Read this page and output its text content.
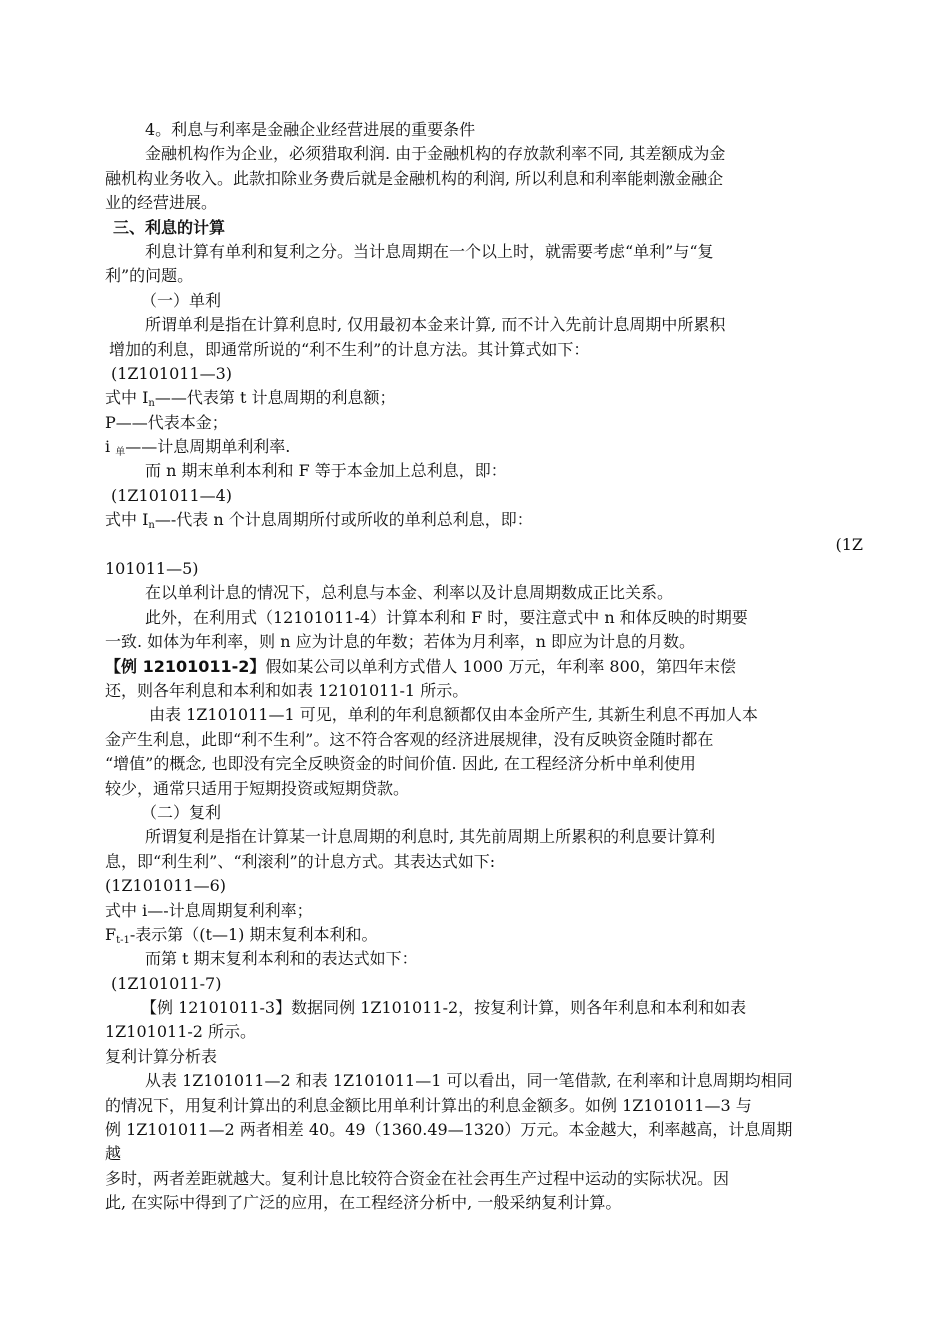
4。利息与利率是金融企业经营进展的重要条件
金融机构作为企业，必须猎取利润. 由于金融机构的存放款利率不同, 其差额成为金
融机构业务收入。此款扣除业务费后就是金融机构的利润, 所以利息和利率能刺激金融企
业的经营进展。
三、利息的计算
利息计算有单利和复利之分。当计息周期在一个以上时，就需要考虑“单利”与“复
利”的问题。
（一）单利
所谓单利是指在计算利息时, 仅用最初本金来计算, 而不计入先前计息周期中所累积
增加的利息，即通常所说的“利不生利”的计息方法。其计算式如下：
(1Z101011—3)
式中 $I_n——$代表第 t 计息周期的利息额；
P——代表本金；
i $_单$——计息周期单利利率.
而 n 期末单利本利和 F 等于本金加上总利息，即：
(1Z101011—4)
式中 $I_n—-$代表 n 个计息周期所付或所收的单利总利息，即：
(1Z
101011—5)
在以单利计息的情况下，总利息与本金、利率以及计息周期数成正比关系。
此外，在利用式（12101011-4）计算本利和 F 时，要注意式中 n 和体反映的时期要
一致. 如体为年利率，则 n 应为计息的年数；若体为月利率，n 即应为计息的月数。
【例 12101011-2】假如某公司以单利方式借人 1000 万元，年利率 800，第四年末偿
还，则各年利息和本利和如表 12101011-1 所示。
由表 1Z101011—1 可见，单利的年利息额都仅由本金所产生, 其新生利息不再加人本
金产生利息，此即“利不生利”。这不符合客观的经济进展规律，没有反映资金随时都在
“增值”的概念, 也即没有完全反映资金的时间价值. 因此, 在工程经济分析中单利使用
较少，通常只适用于短期投资或短期贷款。
（二）复利
所谓复利是指在计算某一计息周期的利息时, 其先前周期上所累积的利息要计算利
息，即“利生利”、“利滚利”的计息方式。其表达式如下:
(1Z101011—6)
式中 i—-计息周期复利利率；
$F_{t-1}-$表示第（(t—1) 期末复利本利和。
而第 t 期末复利本利和的表达式如下：
(1Z101011-7)
【例 12101011-3】数据同例 1Z101011-2，按复利计算，则各年利息和本利和如表
1Z101011-2 所示。
复利计算分析表
从表 1Z101011—2 和表 1Z101011—1 可以看出，同一笔借款, 在利率和计息周期均相同
的情况下，用复利计算出的利息金额比用单利计算出的利息金额多。如例 1Z101011—3 与
例 1Z101011—2 两者相差 40。49（1360.49—1320）万元。本金越大，利率越高，计息周期
越
多时，两者差距就越大。复利计息比较符合资金在社会再生产过程中运动的实际状况。因
此, 在实际中得到了广泛的应用，在工程经济分析中, 一般采纳复利计算。
